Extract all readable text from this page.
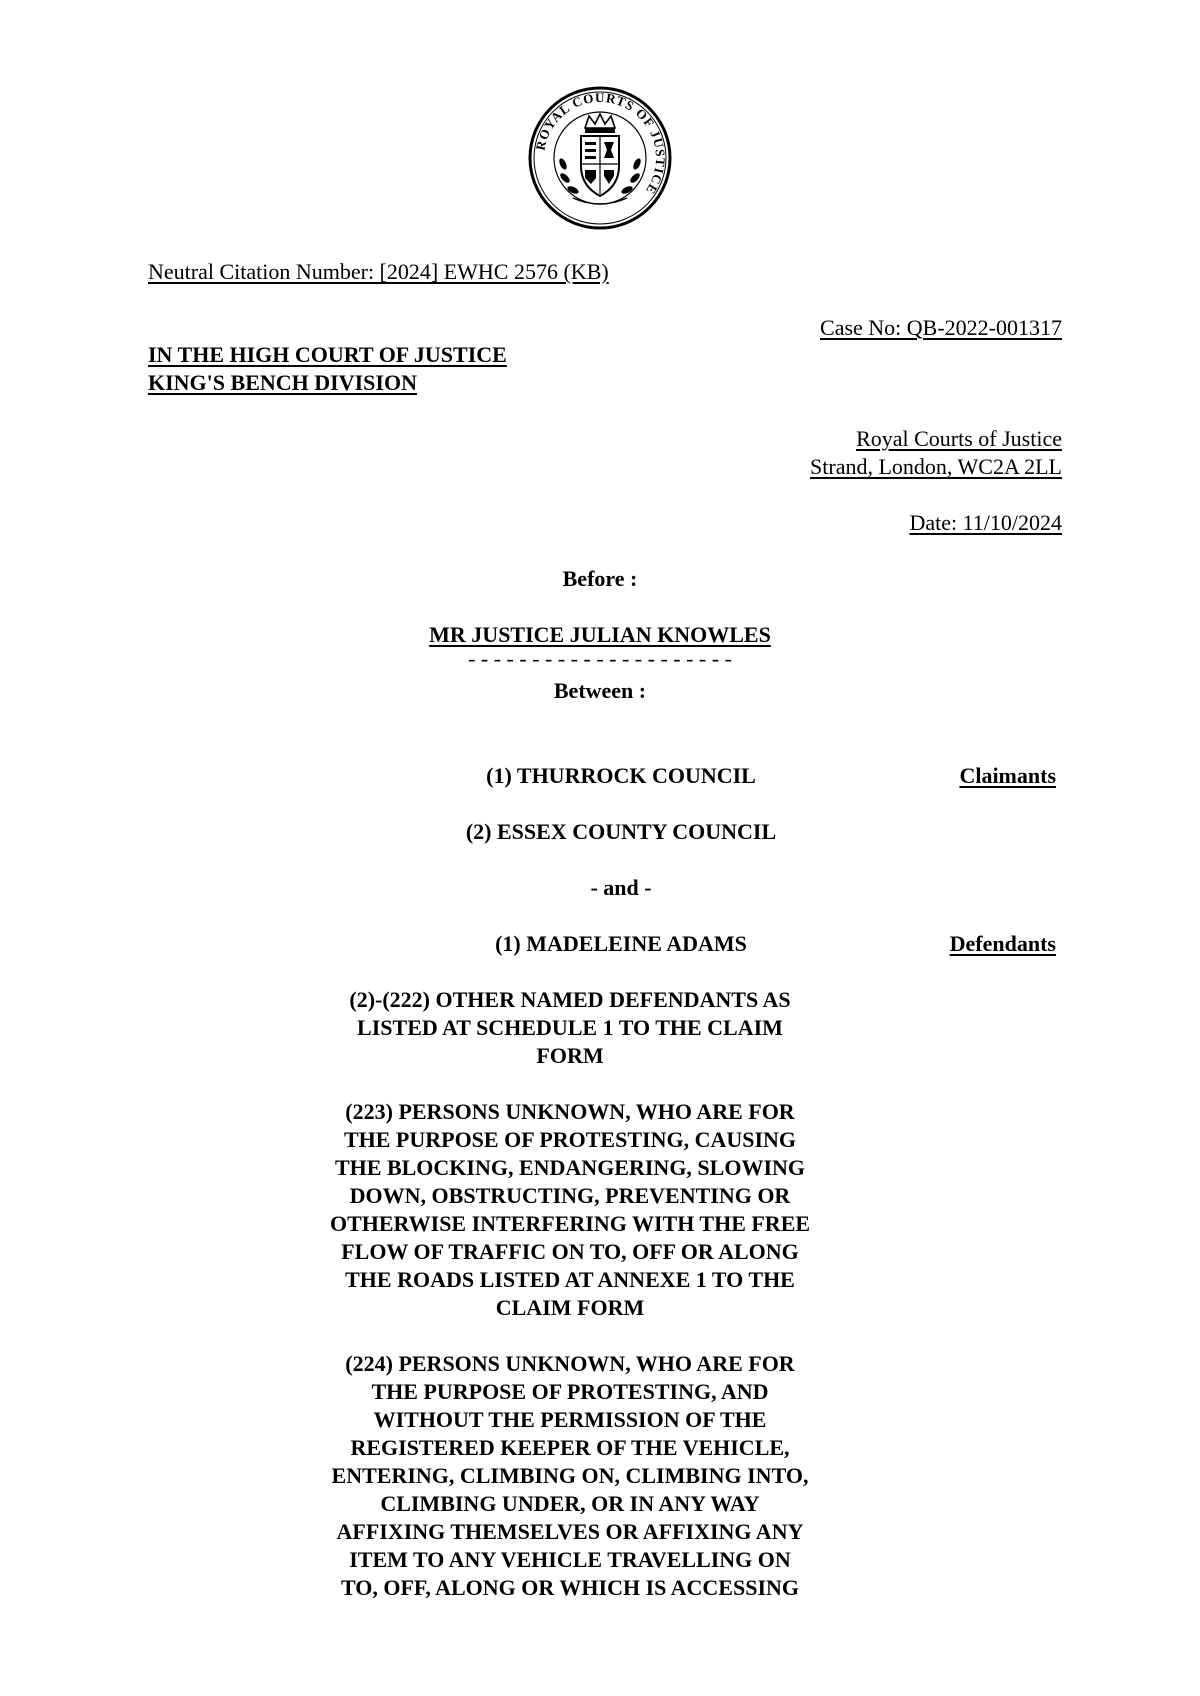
ROYAL COURTS OF JUSTICE
Neutral Citation Number: [2024] EWHC 2576 (KB)
Case No: QB-2022-001317
IN THE HIGH COURT OF JUSTICE
KING'S BENCH DIVISION
Royal Courts of Justice
Strand, London, WC2A 2LL
Date: 11/10/2024
Before :
MR JUSTICE JULIAN KNOWLES
- - - - - - - - - - - - - - - - - - - - -
Between :
(1) THURROCK COUNCIL	Claimants
(2) ESSEX COUNTY COUNCIL
- and -
(1) MADELEINE ADAMS	Defendants
(2)-(222) OTHER NAMED DEFENDANTS AS
LISTED AT SCHEDULE 1 TO THE CLAIM
FORM
(223) PERSONS UNKNOWN, WHO ARE FOR
THE PURPOSE OF PROTESTING, CAUSING
THE BLOCKING, ENDANGERING, SLOWING
DOWN, OBSTRUCTING, PREVENTING OR
OTHERWISE INTERFERING WITH THE FREE
FLOW OF TRAFFIC ON TO, OFF OR ALONG
THE ROADS LISTED AT ANNEXE 1 TO THE
CLAIM FORM
(224) PERSONS UNKNOWN, WHO ARE FOR
THE PURPOSE OF PROTESTING, AND
WITHOUT THE PERMISSION OF THE
REGISTERED KEEPER OF THE VEHICLE,
ENTERING, CLIMBING ON, CLIMBING INTO,
CLIMBING UNDER, OR IN ANY WAY
AFFIXING THEMSELVES OR AFFIXING ANY
ITEM TO ANY VEHICLE TRAVELLING ON
TO, OFF, ALONG OR WHICH IS ACCESSING
